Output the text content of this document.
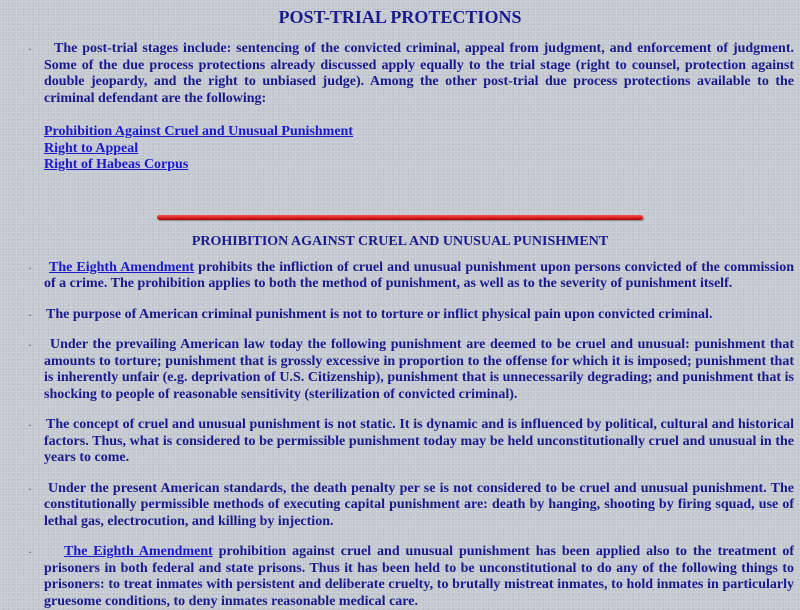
POST-TRIAL PROTECTIONS

·	The post-trial stages include: sentencing of the convicted criminal, appeal from judgment, and enforcement of judgment. Some of the due process protections already discussed apply equally to the trial stage (right to counsel, protection against double jeopardy, and the right to unbiased judge). Among the other post-trial due process protections available to the criminal defendant are the following:

Prohibition Against Cruel and Unusual Punishment
Right to Appeal
Right of Habeas Corpus
PROHIBITION AGAINST CRUEL AND UNUSUAL PUNISHMENT

·	The Eighth Amendment prohibits the infliction of cruel and unusual punishment upon persons convicted of the commission of a crime. The prohibition applies to both the method of punishment, as well as to the severity of punishment itself.

·	The purpose of American criminal punishment is not to torture or inflict physical pain upon convicted criminal.

·	Under the prevailing American law today the following punishment are deemed to be cruel and unusual: punishment that amounts to torture; punishment that is grossly excessive in proportion to the offense for which it is imposed; punishment that is inherently unfair (e.g. deprivation of U.S. Citizenship), punishment that is unnecessarily degrading; and punishment that is shocking to people of reasonable sensitivity (sterilization of convicted criminal).

·	The concept of cruel and unusual punishment is not static. It is dynamic and is influenced by political, cultural and historical factors. Thus, what is considered to be permissible punishment today may be held unconstitutionally cruel and unusual in the years to come.

·	Under the present American standards, the death penalty per se is not considered to be cruel and unusual punishment. The constitutionally permissible methods of executing capital punishment are: death by hanging, shooting by firing squad, use of lethal gas, electrocution, and killing by injection.

·	The Eighth Amendment prohibition against cruel and unusual punishment has been applied also to the treatment of prisoners in both federal and state prisons. Thus it has been held to be unconstitutional to do any of the following things to prisoners: to treat inmates with persistent and deliberate cruelty, to brutally mistreat inmates, to hold inmates in particularly gruesome conditions, to deny inmates reasonable medical care.
